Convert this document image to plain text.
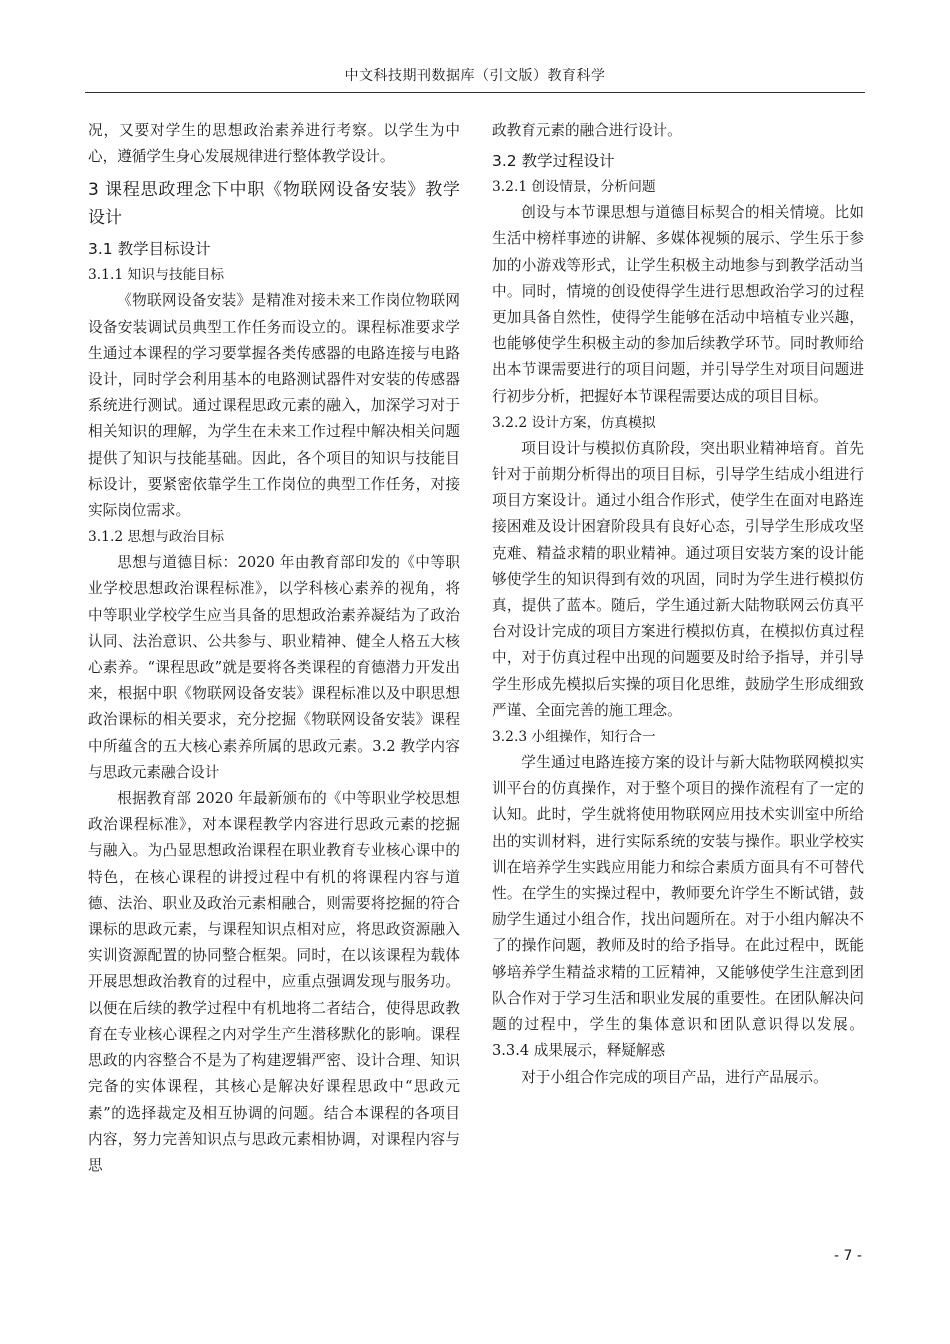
中文科技期刊数据库（引文版）教育科学

况，又要对学生的思想政治素养进行考察。以学生为中心，遵循学生身心发展规律进行整体教学设计。

3 课程思政理念下中职《物联网设备安装》教学设计
3.1 教学目标设计
3.1.1 知识与技能目标

《物联网设备安装》是精准对接未来工作岗位物联网设备安装调试员典型工作任务而设立的。课程标准要求学生通过本课程的学习要掌握各类传感器的电路连接与电路设计，同时学会利用基本的电路测试器件对安装的传感器系统进行测试。通过课程思政元素的融入，加深学习对于相关知识的理解，为学生在未来工作过程中解决相关问题提供了知识与技能基础。因此，各个项目的知识与技能目标设计，要紧密依靠学生工作岗位的典型工作任务，对接实际岗位需求。

3.1.2 思想与政治目标

思想与道德目标：2020 年由教育部印发的《中等职业学校思想政治课程标准》，以学科核心素养的视角，将中等职业学校学生应当具备的思想政治素养凝结为了政治认同、法治意识、公共参与、职业精神、健全人格五大核心素养。“课程思政”就是要将各类课程的育德潜力开发出来，根据中职《物联网设备安装》课程标准以及中职思想政治课标的相关要求，充分挖掘《物联网设备安装》课程中所蕴含的五大核心素养所属的思政元素。3.2 教学内容与思政元素融合设计

根据教育部 2020 年最新颁布的《中等职业学校思想政治课程标准》，对本课程教学内容进行思政元素的挖掘与融入。为凸显思想政治课程在职业教育专业核心课中的特色，在核心课程的讲授过程中有机的将课程内容与道德、法治、职业及政治元素相融合，则需要将挖掘的符合课标的思政元素，与课程知识点相对应，将思政资源融入实训资源配置的协同整合框架。同时，在以该课程为载体开展思想政治教育的过程中，应重点强调发现与服务功。以便在后续的教学过程中有机地将二者结合，使得思政教育在专业核心课程之内对学生产生潜移默化的影响。课程思政的内容整合不是为了构建逻辑严密、设计合理、知识完备的实体课程，其核心是解决好课程思政中“思政元素”的选择裁定及相互协调的问题。结合本课程的各项目内容，努力完善知识点与思政元素相协调，对课程内容与思

政教育元素的融合进行设计。

3.2 教学过程设计
3.2.1 创设情景，分析问题

创设与本节课思想与道德目标契合的相关情境。比如生活中榜样事迹的讲解、多媒体视频的展示、学生乐于参加的小游戏等形式，让学生积极主动地参与到教学活动当中。同时，情境的创设使得学生进行思想政治学习的过程更加具备自然性，使得学生能够在活动中培植专业兴趣，也能够使学生积极主动的参加后续教学环节。同时教师给出本节课需要进行的项目问题，并引导学生对项目问题进行初步分析，把握好本节课程需要达成的项目目标。

3.2.2 设计方案，仿真模拟

项目设计与模拟仿真阶段，突出职业精神培育。首先针对于前期分析得出的项目目标，引导学生结成小组进行项目方案设计。通过小组合作形式，使学生在面对电路连接困难及设计困窘阶段具有良好心态，引导学生形成攻坚克难、精益求精的职业精神。通过项目安装方案的设计能够使学生的知识得到有效的巩固，同时为学生进行模拟仿真，提供了蓝本。随后，学生通过新大陆物联网云仿真平台对设计完成的项目方案进行模拟仿真，在模拟仿真过程中，对于仿真过程中出现的问题要及时给予指导，并引导学生形成先模拟后实操的项目化思维，鼓励学生形成细致严谨、全面完善的施工理念。

3.2.3 小组操作，知行合一

学生通过电路连接方案的设计与新大陆物联网模拟实训平台的仿真操作，对于整个项目的操作流程有了一定的认知。此时，学生就将使用物联网应用技术实训室中所给出的实训材料，进行实际系统的安装与操作。职业学校实训在培养学生实践应用能力和综合素质方面具有不可替代性。在学生的实操过程中，教师要允许学生不断试错，鼓励学生通过小组合作，找出问题所在。对于小组内解决不了的操作问题，教师及时的给予指导。在此过程中，既能够培养学生精益求精的工匠精神，又能够使学生注意到团队合作对于学习生活和职业发展的重要性。在团队解决问题的过程中，学生的集体意识和团队意识得以发展。3.3.4 成果展示，释疑解惑

对于小组合作完成的项目产品，进行产品展示。

- 7 -
